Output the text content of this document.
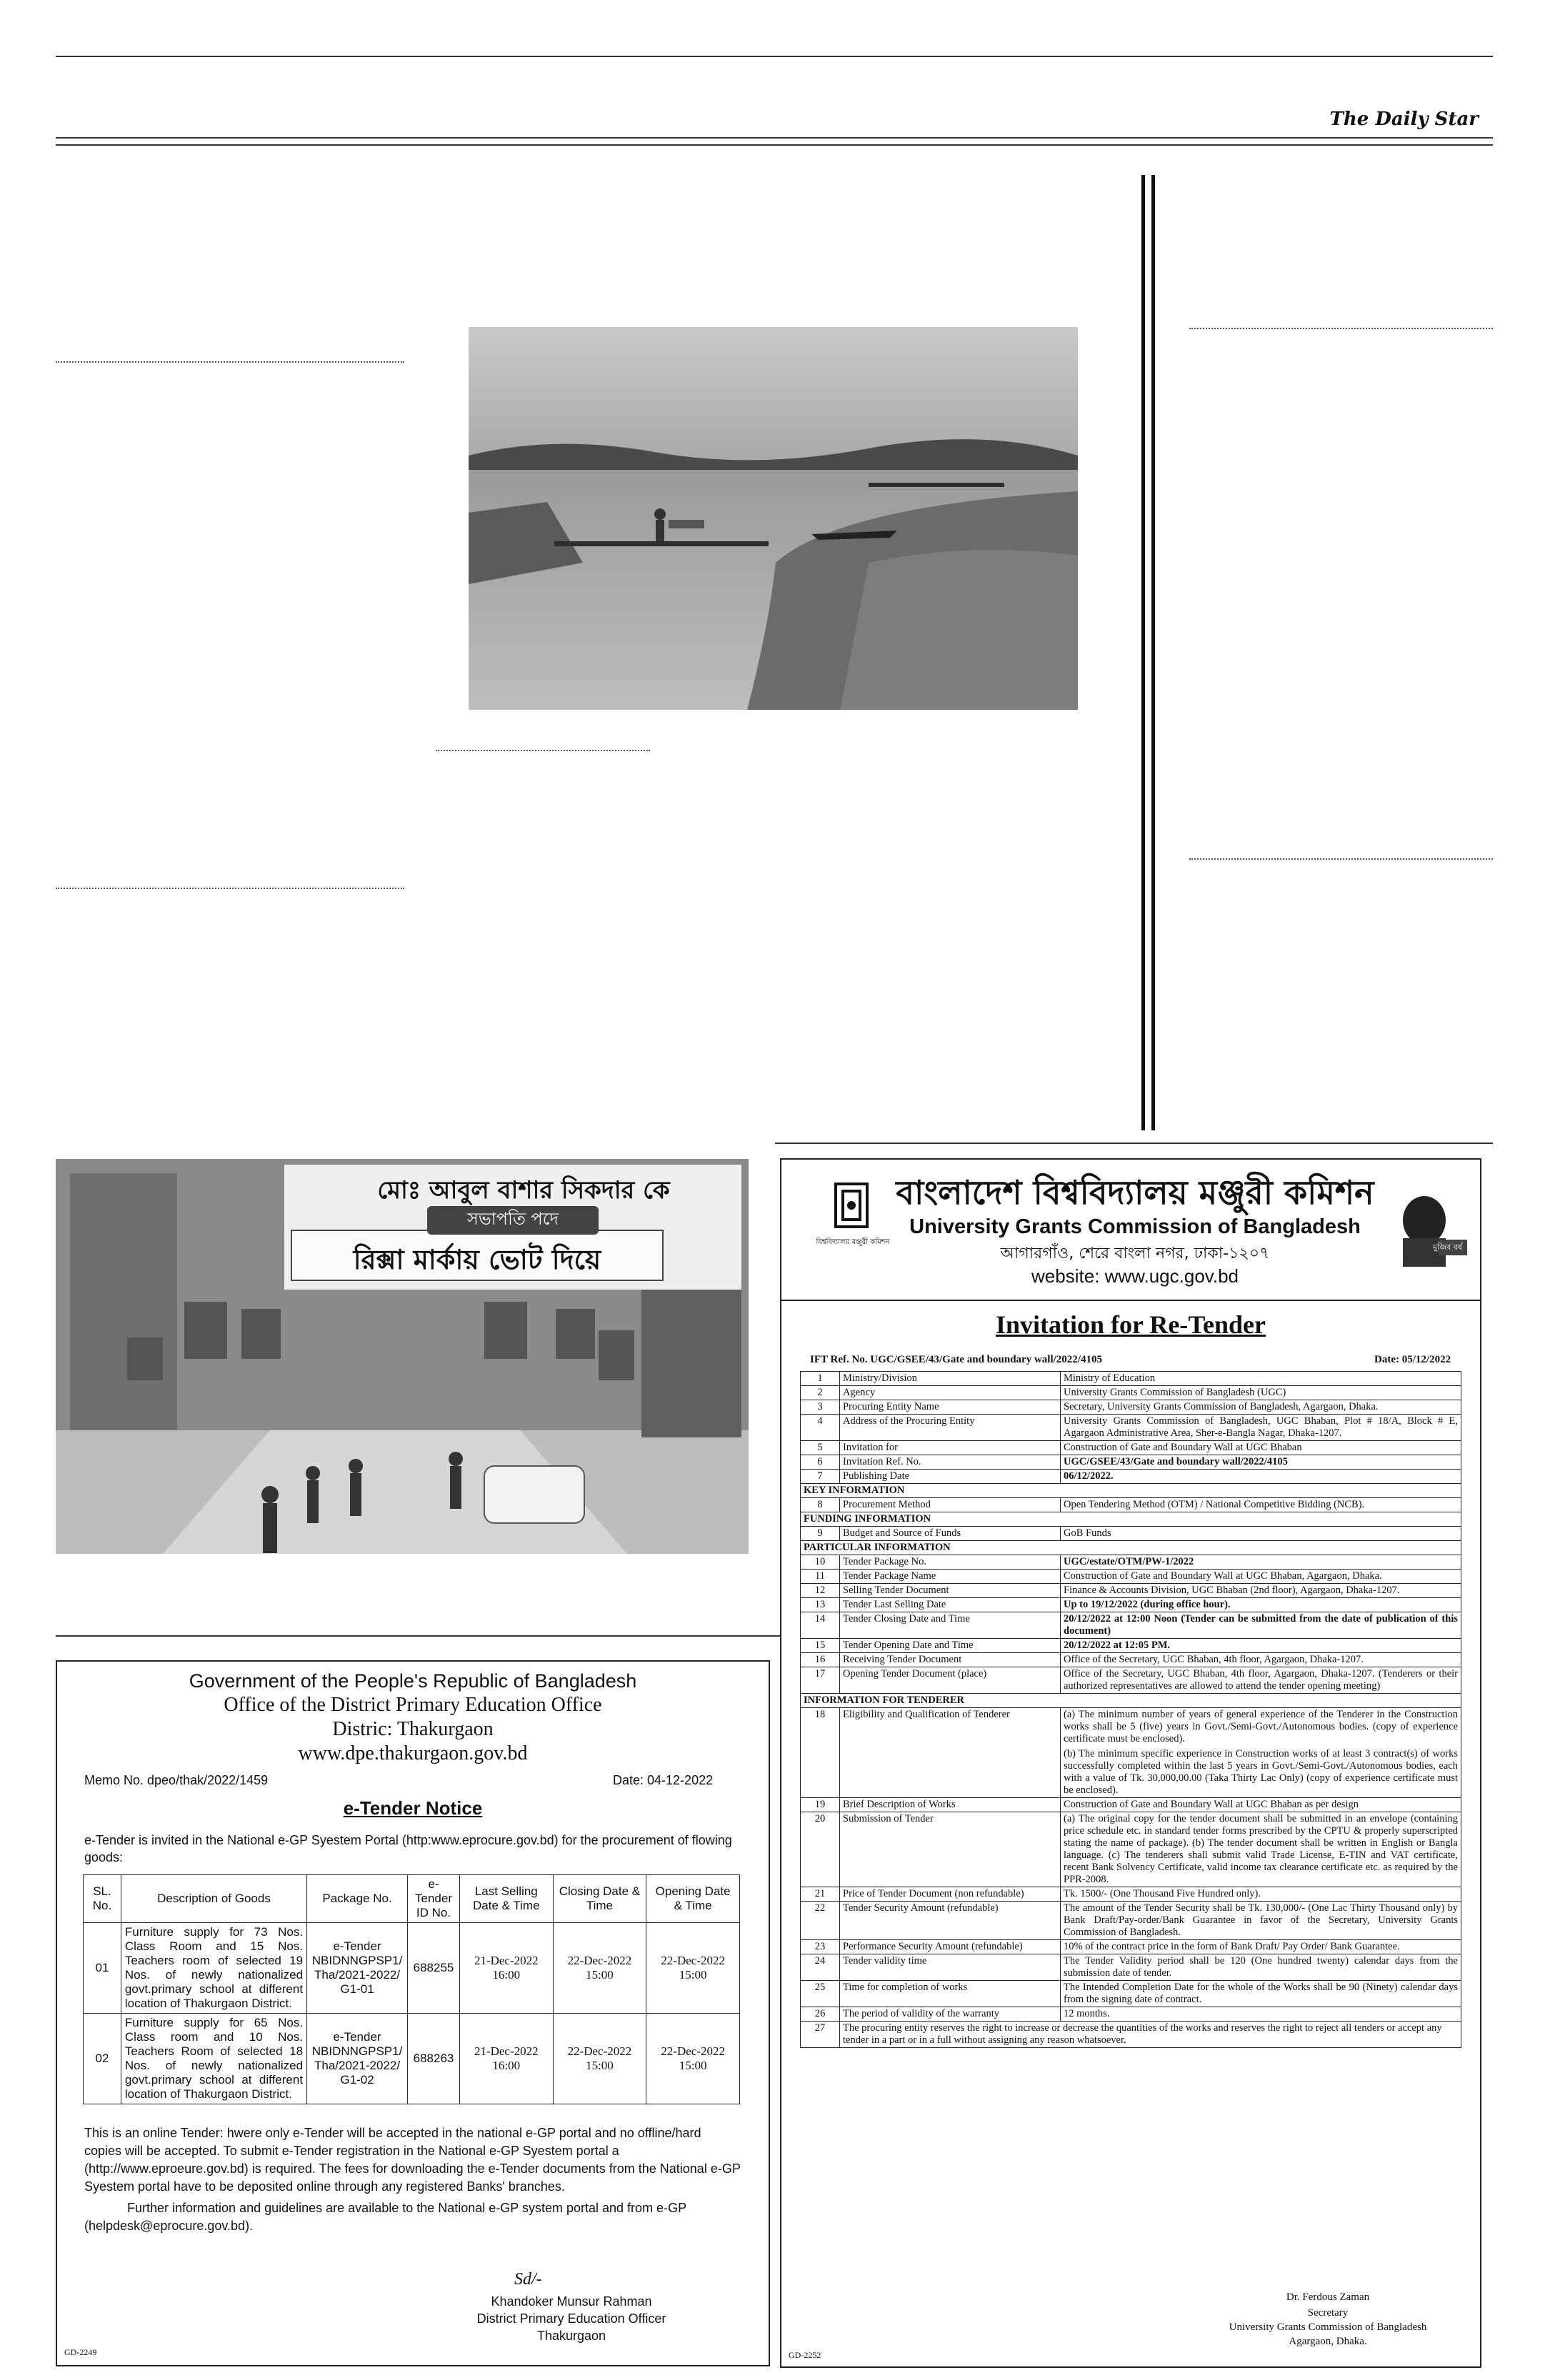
The Daily Star
মোঃ আবুল বাশার সিকদার কে
সভাপতি পদে
রিক্সা মার্কায় ভোট দিয়ে
Government of the People's Republic of Bangladesh
Office of the District Primary Education Office
Distric: Thakurgaon
www.dpe.thakurgaon.gov.bd
Memo No. dpeo/thak/2022/1459	Date: 04-12-2022
e-Tender Notice
e-Tender is invited in the National e-GP Syestem Portal (http:www.eprocure.gov.bd) for the procurement of flowing goods:
SL. No.	Description of Goods	Package No.	e-Tender ID No.	Last Selling Date & Time	Closing Date & Time	Opening Date & Time
01	Furniture supply for 73 Nos. Class Room and 15 Nos. Teachers room of selected 19 Nos. of newly nationalized govt.primary school at different location of Thakurgaon District.	e-Tender NBIDNNGPSP1/ Tha/2021-2022/ G1-01	688255	21-Dec-2022 16:00	22-Dec-2022 15:00	22-Dec-2022 15:00
02	Furniture supply for 65 Nos. Class room and 10 Nos. Teachers Room of selected 18 Nos. of newly nationalized govt.primary school at different location of Thakurgaon District.	e-Tender NBIDNNGPSP1/ Tha/2021-2022/ G1-02	688263	21-Dec-2022 16:00	22-Dec-2022 15:00	22-Dec-2022 15:00
This is an online Tender: hwere only e-Tender will be accepted in the national e-GP portal and no offline/hard copies will be accepted. To submit e-Tender registration in the National e-GP Syestem portal a (http://www.eproeure.gov.bd) is required. The fees for downloading the e-Tender documents from the National e-GP Syestem portal have to be deposited online through any registered Banks' branches.
Further information and guidelines are available to the National e-GP system portal and from e-GP (helpdesk@eprocure.gov.bd).
Sd/-
Khandoker Munsur Rahman
District Primary Education Officer
Thakurgaon
GD-2249
বিশ্ববিদ্যালয় মঞ্জুরী কমিশন
বাংলাদেশ বিশ্ববিদ্যালয় মঞ্জুরী কমিশন
University Grants Commission of Bangladesh
আগারগাঁও, শেরে বাংলা নগর, ঢাকা-১২০৭
website: www.ugc.gov.bd
মুজিব বর্ষ
Invitation for Re-Tender
IFT Ref. No. UGC/GSEE/43/Gate and boundary wall/2022/4105	Date: 05/12/2022
1	Ministry/Division	Ministry of Education

2	Agency	University Grants Commission of Bangladesh (UGC)

3	Procuring Entity Name	Secretary, University Grants Commission of Bangladesh, Agargaon, Dhaka.

4	Address of the Procuring Entity	University Grants Commission of Bangladesh, UGC Bhaban, Plot # 18/A, Block # E, Agargaon Administrative Area, Sher-e-Bangla Nagar, Dhaka-1207.

5	Invitation for	Construction of Gate and Boundary Wall at UGC Bhaban

6	Invitation Ref. No.	UGC/GSEE/43/Gate and boundary wall/2022/4105

7	Publishing Date	06/12/2022.

KEY INFORMATION		
8	Procurement Method	Open Tendering Method (OTM) / National Competitive Bidding (NCB).

FUNDING INFORMATION		
9	Budget and Source of Funds	GoB Funds

PARTICULAR INFORMATION		
10	Tender Package No.	UGC/estate/OTM/PW-1/2022

11	Tender Package Name	Construction of Gate and Boundary Wall at UGC Bhaban, Agargaon, Dhaka.

12	Selling Tender Document	Finance & Accounts Division, UGC Bhaban (2nd floor), Agargaon, Dhaka-1207.

13	Tender Last Selling Date	Up to 19/12/2022 (during office hour).

14	Tender Closing Date and Time	20/12/2022 at 12:00 Noon (Tender can be submitted from the date of publication of this document)

15	Tender Opening Date and Time	20/12/2022 at 12:05 PM.

16	Receiving Tender Document	Office of the Secretary, UGC Bhaban, 4th floor, Agargaon, Dhaka-1207.

17	Opening Tender Document (place)	Office of the Secretary, UGC Bhaban, 4th floor, Agargaon, Dhaka-1207. (Tenderers or their authorized representatives are allowed to attend the tender opening meeting)

INFORMATION FOR TENDERER		
18	Eligibility and Qualification of Tenderer	(a) The minimum number of years of general experience of the Tenderer in the Construction works shall be 5 (five) years in Govt./Semi-Govt./Autonomous bodies. (copy of experience certificate must be enclosed).
(b) The minimum specific experience in Construction works of at least 3 contract(s) of works successfully completed within the last 5 years in Govt./Semi-Govt./Autonomous bodies, each with a value of Tk. 30,000,00.00 (Taka Thirty Lac Only) (copy of experience certificate must be enclosed).

19	Brief Description of Works	Construction of Gate and Boundary Wall at UGC Bhaban as per design

20	Submission of Tender	(a) The original copy for the tender document shall be submitted in an envelope (containing price schedule etc. in standard tender forms prescribed by the CPTU & properly superscripted stating the name of package). (b) The tender document shall be written in English or Bangla language. (c) The tenderers shall submit valid Trade License, E-TIN and VAT certificate, recent Bank Solvency Certificate, valid income tax clearance certificate etc. as required by the PPR-2008.

21	Price of Tender Document (non refundable)	Tk. 1500/- (One Thousand Five Hundred only).

22	Tender Security Amount (refundable)	The amount of the Tender Security shall be Tk. 130,000/- (One Lac Thirty Thousand only) by Bank Draft/Pay-order/Bank Guarantee in favor of the Secretary, University Grants Commission of Bangladesh.

23	Performance Security Amount (refundable)	10% of the contract price in the form of Bank Draft/ Pay Order/ Bank Guarantee.

24	Tender validity time	The Tender Validity period shall be 120 (One hundred twenty) calendar days from the submission date of tender.

25	Time for completion of works	The Intended Completion Date for the whole of the Works shall be 90 (Ninety) calendar days from the signing date of contract.

26	The period of validity of the warranty	12 months.

27	The procuring entity reserves the right to increase or decrease the quantities of the works and reserves the right to reject all tenders or accept any tender in a part or in a full without assigning any reason whatsoever.	
Dr. Ferdous Zaman
Secretary
University Grants Commission of Bangladesh
Agargaon, Dhaka.
GD-2252
